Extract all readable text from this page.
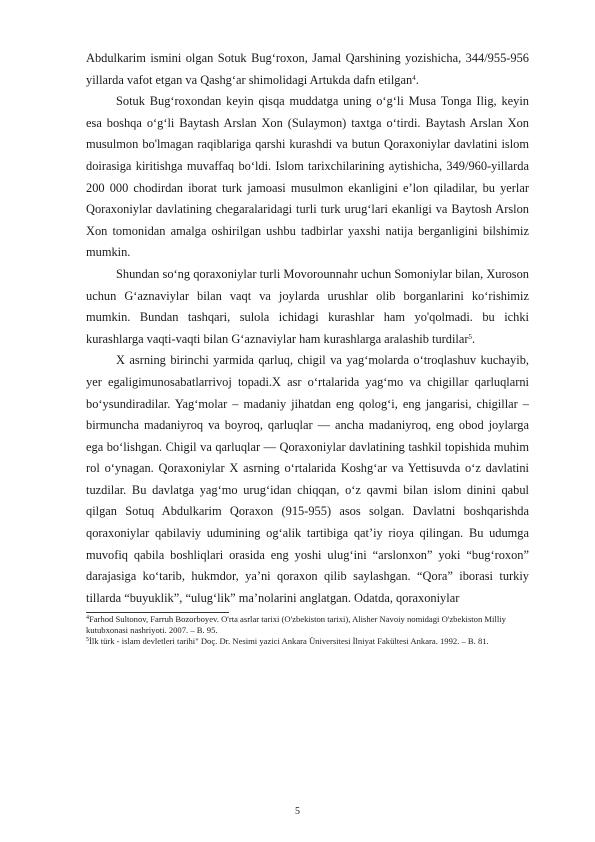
Abdulkarim ismini olgan Sotuk Bugʻroxon, Jamal Qarshining yozishicha, 344/955-956 yillarda vafot etgan va Qashgʻar shimolidagi Artukda dafn etilgan$^4$.

Sotuk Bugʻroxondan keyin qisqa muddatga uning oʻgʻli Musa Tonga Ilig, keyin esa boshqa oʻgʻli Baytash Arslan Xon (Sulaymon) taxtga oʻtirdi. Baytash Arslan Xon musulmon bo'lmagan raqiblariga qarshi kurashdi va butun Qoraxoniylar davlatini islom doirasiga kiritishga muvaffaq bo‘ldi. Islom tarixchilarining aytishicha, 349/960-yillarda 200 000 chodirdan iborat turk jamoasi musulmon ekanligini e’lon qiladilar, bu yerlar Qoraxoniylar davlatining chegaralaridagi turli turk urug‘lari ekanligi va Baytosh Arslon Xon tomonidan amalga oshirilgan ushbu tadbirlar yaxshi natija berganligini bilshimiz mumkin.

Shundan so‘ng qoraxoniylar turli Movorounnahr uchun Somoniylar bilan, Xuroson uchun G‘aznaviylar bilan vaqt va joylarda urushlar olib borganlarini ko‘rishimiz mumkin. Bundan tashqari, sulola ichidagi kurashlar ham yo'qolmadi. bu ichki kurashlarga vaqti-vaqti bilan G‘aznaviylar ham kurashlarga aralashib turdilar$^5$.

X asrning birinchi yarmida qarluq, chigil va yag‘molarda o‘troqlashuv kuchayib, yer egaligimunosabatlarrivoj topadi.X asr o‘rtalarida yag‘mo va chigillar qarluqlarni bo‘ysundiradilar. Yag‘molar – madaniy jihatdan eng qolog‘i, eng jangarisi, chigillar – birmuncha madaniyroq va boyroq, qarluqlar — ancha madaniyroq, eng obod joylarga ega bo‘lishgan. Chigil va qarluqlar — Qoraxoniylar davlatining tashkil topishida muhim rol o‘ynagan. Qoraxoniylar X asrning o‘rtalarida Koshg‘ar va Yettisuvda o‘z davlatini tuzdilar. Bu davlatga yag‘mo urug‘idan chiqqan, o‘z qavmi bilan islom dinini qabul qilgan Sotuq Abdulkarim Qoraxon (915-955) asos solgan. Davlatni boshqarishda qoraxoniylar qabilaviy udumining og‘alik tartibiga qat’iy rioya qilingan. Bu udumga muvofiq qabila boshliqlari orasida eng yoshi ulug‘ini “arslonxon” yoki “bug‘roxon” darajasiga ko‘tarib, hukmdor, ya’ni qoraxon qilib saylashgan. “Qora” iborasi turkiy tillarda “buyuklik”, “ulug‘lik” ma’nolarini anglatgan. Odatda, qoraxoniylar

$^4$Farhod Sultonov, Farruh Bozorboyev. O'rta asrlar tarixi (O'zbekiston tarixi), Alisher Navoiy nomidagi O'zbekiston Milliy kutubxonasi nashriyoti. 2007. – B. 95.

$^5$İlk türk - islam devletleri tarihi" Doç. Dr. Nesimi yazici Ankara Üniversitesi İlniyat Fakültesi Ankara. 1992. – B. 81.

5
